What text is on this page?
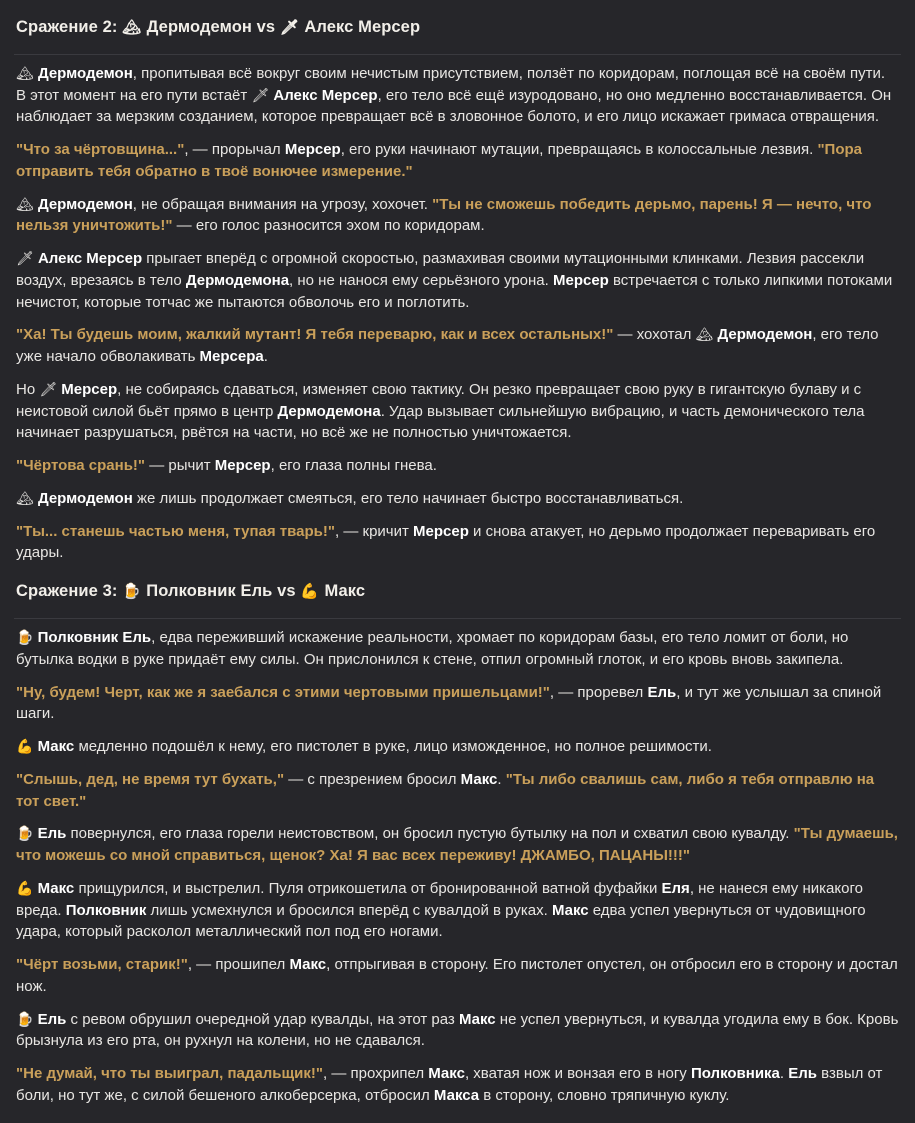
Сражение 2: 🏔 Дермодемон vs 🗡 Алекс Мерсер

🏔 Дермодемон, пропитывая всё вокруг своим нечистым присутствием, ползёт по коридорам, поглощая всё на своём пути. В этот момент на его пути встаёт 🗡 Алекс Мерсер, его тело всё ещё изуродовано, но оно медленно восстанавливается. Он наблюдает за мерзким созданием, которое превращает всё в зловонное болото, и его лицо искажает гримаса отвращения.

"Что за чёртовщина...", — прорычал Мерсер, его руки начинают мутации, превращаясь в колоссальные лезвия. "Пора отправить тебя обратно в твоё вонючее измерение."

🏔 Дермодемон, не обращая внимания на угрозу, хохочет. "Ты не сможешь победить дерьмо, парень! Я — нечто, что нельзя уничтожить!" — его голос разносится эхом по коридорам.

🗡 Алекс Мерсер прыгает вперёд с огромной скоростью, размахивая своими мутационными клинками. Лезвия рассекли воздух, врезаясь в тело Дермодемона, но не нанося ему серьёзного урона. Мерсер встречается с только липкими потоками нечистот, которые тотчас же пытаются обволочь его и поглотить.

"Ха! Ты будешь моим, жалкий мутант! Я тебя переварю, как и всех остальных!" — хохотал 🏔 Дермодемон, его тело уже начало обволакивать Мерсера.

Но 🗡 Мерсер, не собираясь сдаваться, изменяет свою тактику. Он резко превращает свою руку в гигантскую булаву и с неистовой силой бьёт прямо в центр Дермодемона. Удар вызывает сильнейшую вибрацию, и часть демонического тела начинает разрушаться, рвётся на части, но всё же не полностью уничтожается.

"Чёртова срань!" — рычит Мерсер, его глаза полны гнева.

🏔 Дермодемон же лишь продолжает смеяться, его тело начинает быстро восстанавливаться.

"Ты... станешь частью меня, тупая тварь!", — кричит Мерсер и снова атакует, но дерьмо продолжает переваривать его удары.

Сражение 3: 🍺 Полковник Ель vs 💪 Макс

🍺 Полковник Ель, едва переживший искажение реальности, хромает по коридорам базы, его тело ломит от боли, но бутылка водки в руке придаёт ему силы. Он прислонился к стене, отпил огромный глоток, и его кровь вновь закипела.

"Ну, будем! Черт, как же я заебался с этими чертовыми пришельцами!", — проревел Ель, и тут же услышал за спиной шаги.

💪 Макс медленно подошёл к нему, его пистолет в руке, лицо изможденное, но полное решимости.

"Слышь, дед, не время тут бухать," — с презрением бросил Макс. "Ты либо свалишь сам, либо я тебя отправлю на тот свет."

🍺 Ель повернулся, его глаза горели неистовством, он бросил пустую бутылку на пол и схватил свою кувалду. "Ты думаешь, что можешь со мной справиться, щенок? Ха! Я вас всех переживу! ДЖАМБО, ПАЦАНЫ!!!"

💪 Макс прищурился, и выстрелил. Пуля отрикошетила от бронированной ватной фуфайки Еля, не нанеся ему никакого вреда. Полковник лишь усмехнулся и бросился вперёд с кувалдой в руках. Макс едва успел увернуться от чудовищного удара, который расколол металлический пол под его ногами.

"Чёрт возьми, старик!", — прошипел Макс, отпрыгивая в сторону. Его пистолет опустел, он отбросил его в сторону и достал нож.

🍺 Ель с ревом обрушил очередной удар кувалды, на этот раз Макс не успел увернуться, и кувалда угодила ему в бок. Кровь брызнула из его рта, он рухнул на колени, но не сдавался.

"Не думай, что ты выиграл, падальщик!", — прохрипел Макс, хватая нож и вонзая его в ногу Полковника. Ель взвыл от боли, но тут же, с силой бешеного алкоберсерка, отбросил Макса в сторону, словно тряпичную куклу.
